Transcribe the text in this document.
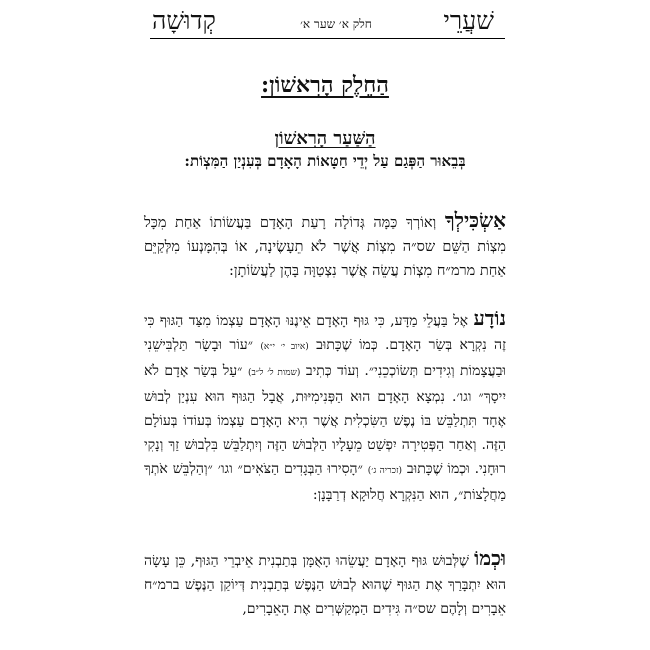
שׁעֲרֵי
חלק א׳ שער א׳
קְדוּשָׁה
הַחֵלֶק הָרִאשׁוֹן:
הַשַּׁעַר הָרִאשׁוֹן
בְּבֵאוּר הַפְּגַם עַל יְדֵי חַטָּאוֹת הָאָדָם בְּעִנְיַן הַמִּצְוֹת:
אַשְׂכִּילְךָ וְאוֹרְךָ כַּמָּה גְּדוֹלָה רָעַת הָאָדָם בַּעֲשׂוֹתוֹ אַחַת מִכָּל מִצְוֹת הַשֵּׁם שס״ה מִצְוֹת אֲשֶׁר לֹא תֵעָשֶׂינָה, אוֹ בְּהִמָּנְעוֹ מִלְּקַיֵּם אַחַת מרמ״ח מִצְוֹת עֲשֵׂה אֲשֶׁר נִצְטַוָּה בָּהֶן לַעֲשׂוֹתָן:
נוֹדָע אֶל בַּעֲלֵי מַדָּע, כִּי גּוּף הָאָדָם אֵינֶנּוּ הָאָדָם עַצְמוֹ מִצַּד הַגּוּף כִּי זֶה נִקְרָא בְּשַׂר הָאָדָם. כְּמוֹ שֶׁכָּתוּב (איוב י׳ י״א) ״עוֹר וּבָשָׂר תַּלְבִּישֵׁנִי וּבַעֲצָמוֹת וְגִידִים תְּשׂוֹכְכֵנִי״. וְעוֹד כְּתִיב (שמות ל׳ ל״ב) ״עַל בְּשַׂר אָדָם לֹא יִיסָךְ״ וגו׳. נִמְצָא הָאָדָם הוּא הַפְּנִימִיּוּת, אֲבָל הַגּוּף הוּא עִנְיַן לְבוּשׁ אֶחָד תִּתְלַבֵּשׁ בּוֹ נֶפֶשׁ הַשִּׂכְלִית אֲשֶׁר הִיא הָאָדָם עַצְמוֹ בְּעוֹדוֹ בְּעוֹלָם הַזֶּה. וְאַחַר הַפְּטִירָה יִפְשַׁט מֵעָלָיו הַלְּבוּשׁ הַזֶּה וְיִתְלַבֵּשׁ בִּלְבוּשׁ זַךְ וְנָקִי רוּחָנִי. וּכְמוֹ שֶׁכָּתוּב (זכריה ג׳) ״הָסִירוּ הַבְּגָדִים הַצֹּאִים״ וגו׳ ״וְהַלְבֵּשׁ אֹתְךָ מַחֲלָצוֹת״, הוּא הַנִּקְרָא חֲלוּקָא דְרַבָּנָן:
וּכְמוֹ שֶׁלְּבוּשׁ גּוּף הָאָדָם יַעֲשֵׂהוּ הָאֻמָּן בְּתַבְנִית אֵיבְרֵי הַגּוּף, כֵּן עָשָׂה הוּא יִתְבָּרַךְ אֶת הַגּוּף שֶׁהוּא לְבוּשׁ הַנֶּפֶשׁ בְּתַבְנִית דְּיוֹקַן הַנֶּפֶשׁ ברמ״ח אֵבָרִים וְלָהֶם שס״ה גִּידִים הַמְקַשְּׁרִים אֶת הָאֵבָרִים,
